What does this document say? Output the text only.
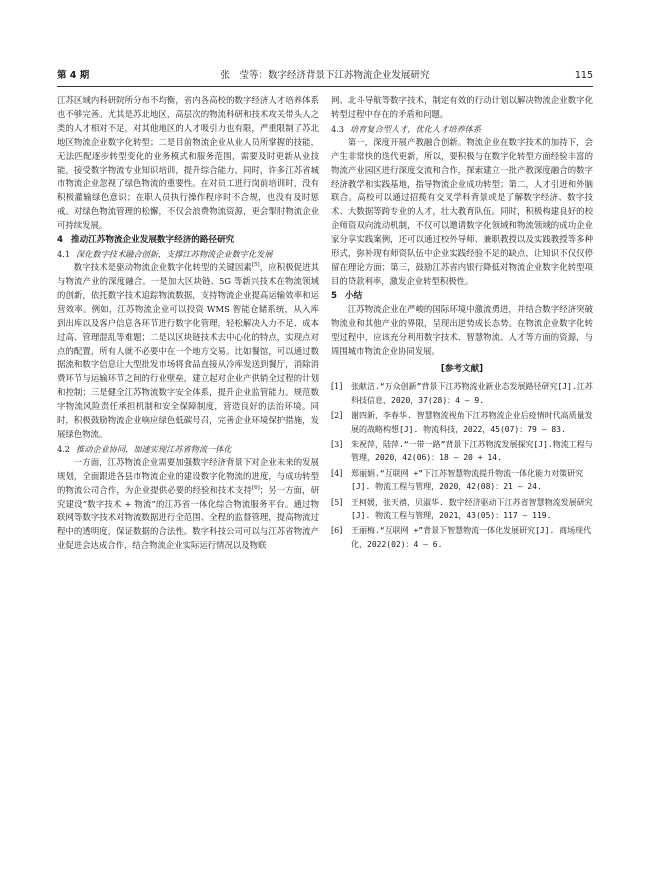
第 4 期	张　莹等：数字经济背景下江苏物流企业发展研究	115

江苏区域内科研院所分布不均衡，省内各高校的数字经济人才培养体系也不够完善。尤其是苏北地区，高层次的物流科研和技术攻关带头人之类的人才相对不足，对其他地区的人才吸引力也有限，严重限制了苏北地区物流企业数字化转型；二是目前物流企业从业人员所掌握的技能，无法匹配逐步转型变化的业务模式和服务范围，需要及时更新从业技能，接受数字物流专业知识培训，提升综合能力。同时，许多江苏省城市物流企业忽视了绿色物流的重要性。在对员工进行岗前培训时，没有积极灌输绿色意识；在职人员执行操作程序时不合规，也没有及时惩戒。对绿色物流管理的松懈，不仅会浪费物流资源，更会掣肘物流企业可持续发展。

4 推动江苏物流企业发展数字经济的路径研究
4.1 深化数字技术融合创新，支撑江苏物流企业数字化发展

数字技术是驱动物流企业数字化转型的关键因素[5]，应积极促进其与物流产业的深度融合。一是加大区块链、5G 等新兴技术在物流领域的创新，依托数字技术追踪物流数据，支持物流企业提高运输效率和运营效率。例如，江苏物流企业可以投资 WMS 智能仓储系统，从入库到出库以及客户信息各环节进行数字化管理，轻松解决人力不足、成本过高、管理混乱等难题；二是以区块链技术去中心化的特点，实现点对点的配置，所有人就不必要中在一个地方交易。比如餐馆，可以通过数据流和数字信息让大型批发市场将食品直接从冷库发送到餐厅，消除消费环节与运输环节之间的行业壁垒，建立起对企业产供销全过程的计划和控制；三是健全江苏物流数字安全体系，提升企业监管能力。规范数字物流风险责任承担机制和安全保障制度，营造良好的法治环境。同时，积极鼓励物流企业响应绿色低碳号召，完善企业环境保护措施，发展绿色物流。

4.2 推动企业协同，加速实现江苏省物流一体化

一方面，江苏物流企业需要加强数字经济背景下对企业未来的发展规划，全面跟进各县市物流企业的建设数字化物流的进度，与成功转型的物流公司合作，为企业提供必要的经验和技术支持[6]；另一方面，研究建设“数字技术 + 物流”的江苏省一体化综合物流服务平台。通过物联网等数字技术对物流数据进行全范围、全程的监督管理，提高物流过程中的透明度，保证数据的合法性。数字科技公司可以与江苏省物流产业促进会达成合作，结合物流企业实际运行情况以及物联

网、北斗导航等数字技术，制定有效的行动计划以解决物流企业数字化转型过程中存在的矛盾和问题。

4.3 培育复合型人才，优化人才培养体系

第一，深度开展产教融合创新。物流企业在数字技术的加持下，会产生非常快的迭代更新，所以，要积极与在数字化转型方面经验丰富的物流产业园区进行深度交流和合作，探索建立一批产教深度融合的数字经济教学和实践基地，指导物流企业成功转型；第二，人才引进和外脑联合。高校可以通过招揽有交叉学科背景或是了解数字经济、数字技术、大数据等跨专业的人才，壮大教育队伍。同时，积极构建良好的校企师资双向流动机制，不仅可以邀请数字化领域和物流领域的成功企业家分享实践案例，还可以通过校外导师、兼职教授以及实践教授等多种形式，弥补现有师资队伍中企业实践经验不足的缺点，让知识不仅仅停留在理论方面；第三，鼓励江苏省内银行降低对物流企业数字化转型项目的贷款利率，激发企业转型积极性。

5 小结

江苏物流企业在严峻的国际环境中激流勇进，并结合数字经济突破物流业和其他产业的界限，呈现出逆势成长态势。在物流企业数字化转型过程中，应该充分利用数字技术、智慧物流、人才等方面的资源，与周围城市物流企业协同发展。

[参考文献]
[1] 张献洁.“万众创新”背景下江苏物流业新业态发展路径研究[J].江苏科技信息，2020，37(28)：4 – 9.
[2] 谢四新，李春华. 智慧物流视角下江苏物流企业后疫情时代高质量发展的战略构想[J]. 物流科技，2022，45(07)：79 – 83.
[3] 朱祝萍，陆萍.“一带一路”背景下江苏物流发展探究[J].物流工程与管理，2020，42(06)：18 – 20 + 14.
[4] 郑丽娟.“互联网 +”下江苏智慧物流提升物流一体化能力对策研究[J]. 物流工程与管理，2020，42(08)：21 – 24.
[5] 王柯媛，张天禧，贝淑华. 数字经济驱动下江苏省智慧物流发展研究[J]. 物流工程与管理，2021，43(05)：117 – 119.
[6] 王丽梅.“互联网 +”背景下智慧物流一体化发展研究[J]. 商场现代化，2022(02)：4 – 6.
